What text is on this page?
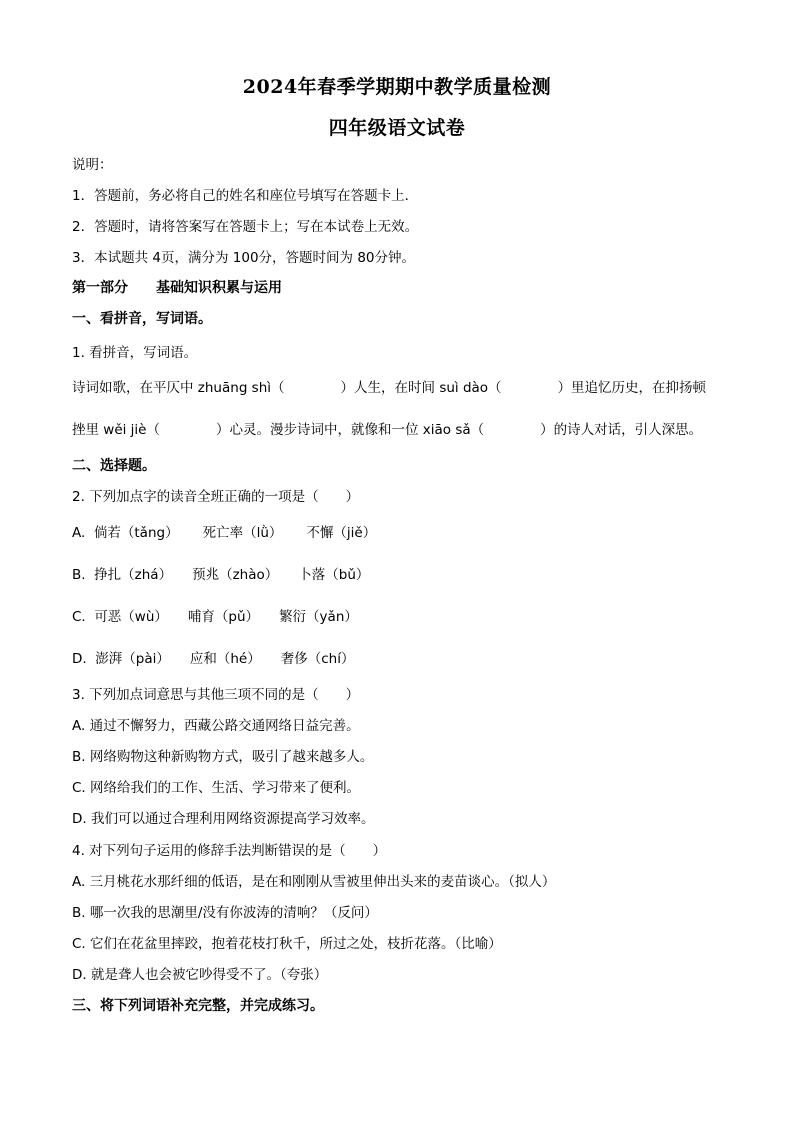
2024年春季学期期中教学质量检测
四年级语文试卷
说明：
1．答题前，务必将自己的姓名和座位号填写在答题卡上．
2．答题时，请将答案写在答题卡上；写在本试卷上无效。
3．本试题共 4页，满分为 100分，答题时间为 80分钟。
第一部分 基础知识积累与运用
一、看拼音，写词语。
1. 看拼音，写词语。
诗词如歌，在平仄中 zhuāng shì（	）人生，在时间 suì dào（	）里追忆历史，在抑扬顿
挫里 wěi jiè（	）心灵。漫步诗词中，就像和一位 xiāo sǎ（	）的诗人对话，引人深思。
二、选择题。
2. 下列加点字的读音全班正确的一项是（　　）
A. 倘若（tǎng） 死亡率（lǜ） 不懈（jiě）
B. 挣扎（zhá） 预兆（zhào） 卜落（bǔ）
C. 可恶（wù） 哺育（pǔ） 繁衍（yǎn）
D. 澎湃（pài） 应和（hé） 奢侈（chí）
3. 下列加点词意思与其他三项不同的是（　　）
A. 通过不懈努力，西藏公路交通网络日益完善。
B. 网络购物这种新购物方式，吸引了越来越多人。
C. 网络给我们的工作、生活、学习带来了便利。
D. 我们可以通过合理利用网络资源提高学习效率。
4. 对下列句子运用的修辞手法判断错误的是（　　）
A. 三月桃花水那纤细的低语，是在和刚刚从雪被里伸出头来的麦苗谈心。（拟人）
B. 哪一次我的思潮里/没有你波涛的清响？（反问）
C. 它们在花盆里摔跤，抱着花枝打秋千，所过之处，枝折花落。（比喻）
D. 就是聋人也会被它吵得受不了。（夸张）
三、将下列词语补充完整，并完成练习。
